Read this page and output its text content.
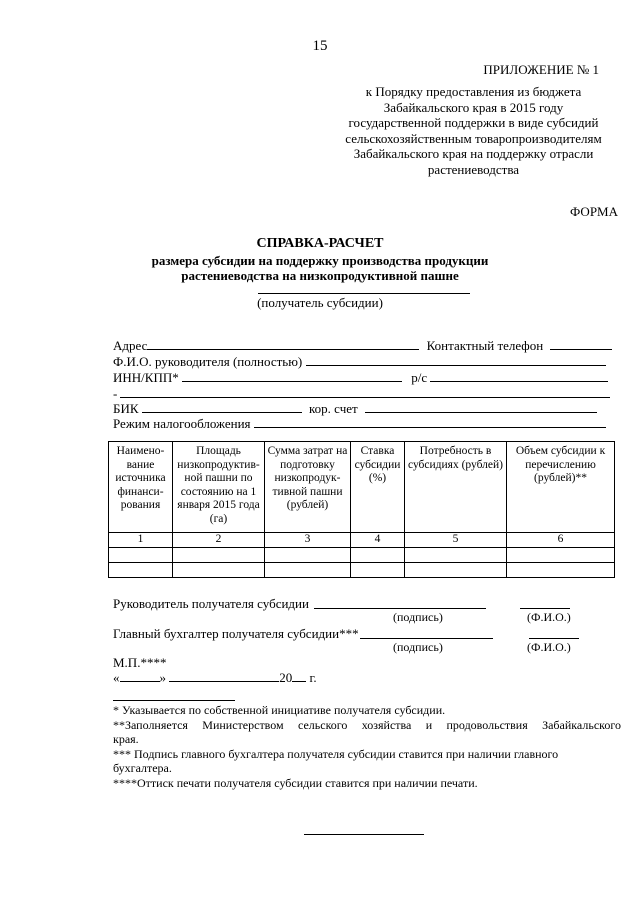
15
ПРИЛОЖЕНИЕ № 1
к Порядку предоставления из бюджета
Забайкальского края в 2015 году
государственной поддержки в виде субсидий
сельскохозяйственным товаропроизводителям
Забайкальского края на поддержку отрасли
растениеводства
ФОРМА
СПРАВКА-РАСЧЕТ
размера субсидии на поддержку производства продукции
растениеводства на низкопродуктивной пашне
(получатель субсидии)
Адрес	Контактный телефон
Ф.И.О. руководителя (полностью)
ИНН/КПП*	р/с
-
БИК	кор. счет
Режим налогообложения
Наимено-вание источника финанси-рования	Площадь низкопродуктив-ной пашни по состоянию на 1 января 2015 года (га)	Сумма затрат на подготовку низкопродук-тивной пашни (рублей)	Ставка субсидии (%)	Потребность в субсидиях (рублей)	Объем субсидии к перечислению (рублей)**
1	2	3	4	5	6

Руководитель получателя субсидии
(подпись)	(Ф.И.О.)
Главный бухгалтер получателя субсидии***
(подпись)	(Ф.И.О.)
М.П.****
«	»	20 г.

* Указывается по собственной инициативе получателя субсидии.

**Заполняется Министерством сельского хозяйства и продовольствия Забайкальского

края.

*** Подпись главного бухгалтера получателя субсидии ставится при наличии главного

бухгалтера.

****Оттиск печати получателя субсидии ставится при наличии печати.
